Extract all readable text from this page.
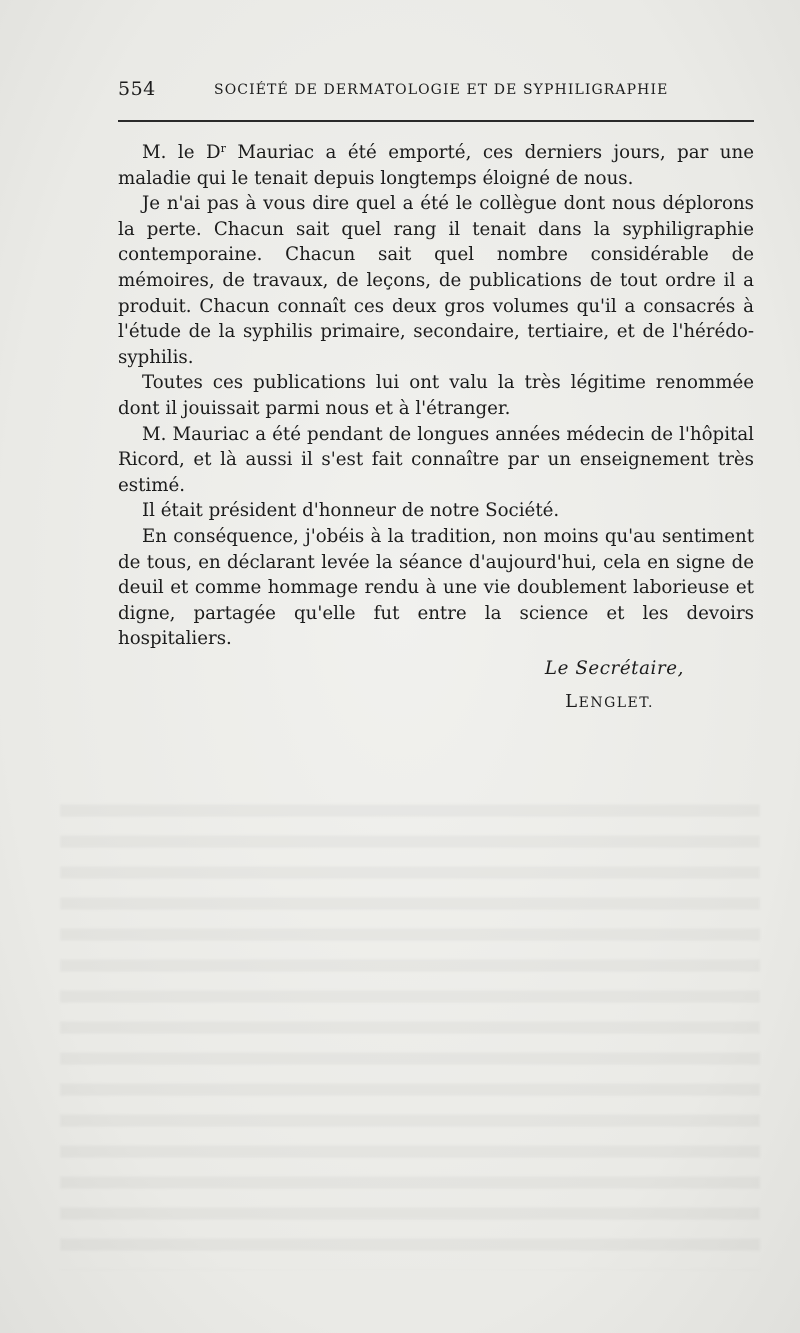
554	SOCIÉTÉ DE DERMATOLOGIE ET DE SYPHILIGRAPHIE

M. le $D^r$ Mauriac a été emporté, ces derniers jours, par une maladie qui le tenait depuis longtemps éloigné de nous.

Je n'ai pas à vous dire quel a été le collègue dont nous déplorons la perte. Chacun sait quel rang il tenait dans la syphiligraphie contemporaine. Chacun sait quel nombre considérable de mémoires, de travaux, de leçons, de publications de tout ordre il a produit. Chacun connaît ces deux gros volumes qu'il a consacrés à l'étude de la syphilis primaire, secondaire, tertiaire, et de l'hérédo-syphilis.

Toutes ces publications lui ont valu la très légitime renommée dont il jouissait parmi nous et à l'étranger.

M. Mauriac a été pendant de longues années médecin de l'hôpital Ricord, et là aussi il s'est fait connaître par un enseignement très estimé.

Il était président d'honneur de notre Société.

En conséquence, j'obéis à la tradition, non moins qu'au sentiment de tous, en déclarant levée la séance d'aujourd'hui, cela en signe de deuil et comme hommage rendu à une vie doublement laborieuse et digne, partagée qu'elle fut entre la science et les devoirs hospitaliers.

Le Secrétaire,
LENGLET.
